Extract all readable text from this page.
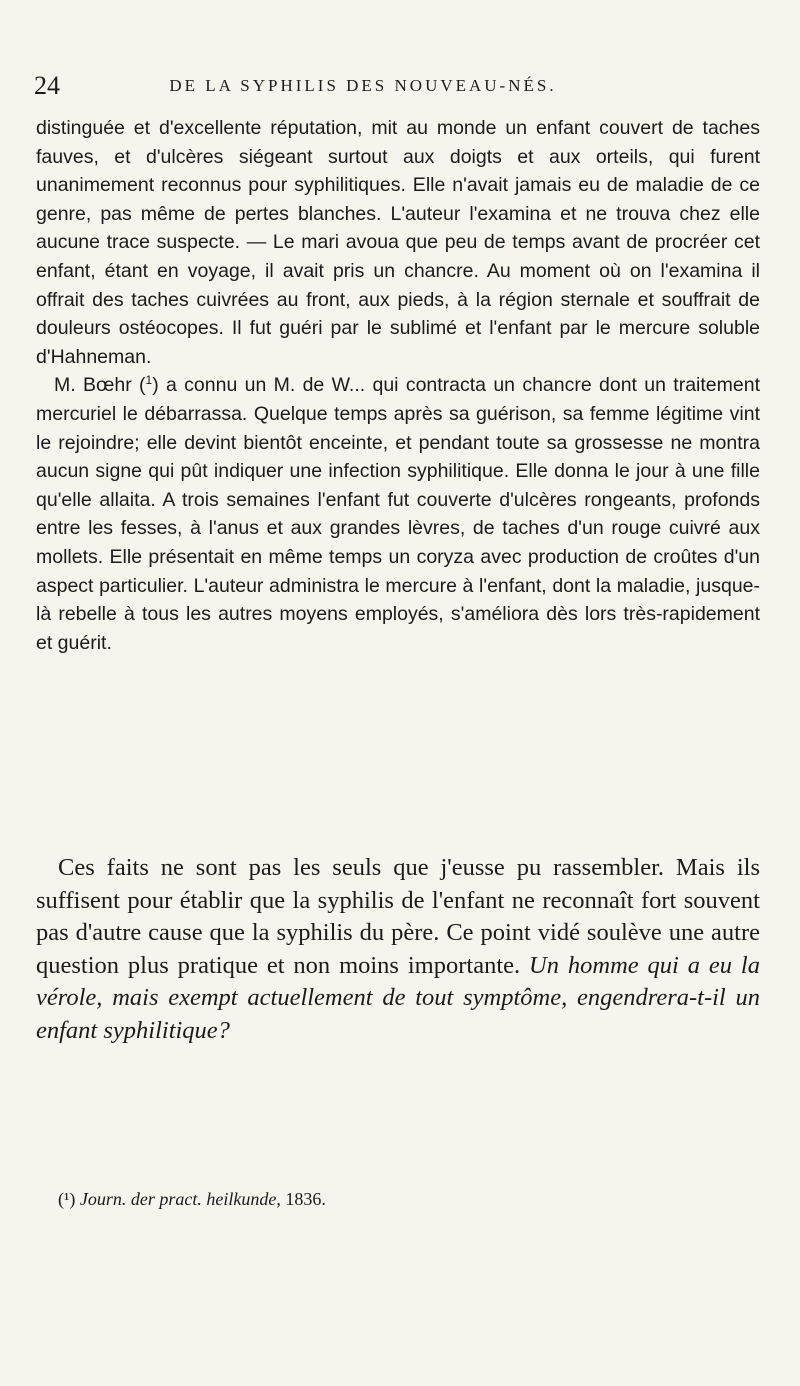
24	DE LA SYPHILIS DES NOUVEAU-NÉS.

distinguée et d'excellente réputation, mit au monde un enfant couvert de taches fauves, et d'ulcères siégeant surtout aux doigts et aux orteils, qui furent unanimement reconnus pour syphilitiques. Elle n'avait jamais eu de maladie de ce genre, pas même de pertes blanches. L'auteur l'examina et ne trouva chez elle aucune trace suspecte. — Le mari avoua que peu de temps avant de procréer cet enfant, étant en voyage, il avait pris un chancre. Au moment où on l'examina il offrait des taches cuivrées au front, aux pieds, à la région sternale et souffrait de douleurs ostéocopes. Il fut guéri par le sublimé et l'enfant par le mercure soluble d'Hahneman.

M. Bœhr ($^1$) a connu un M. de W... qui contracta un chancre dont un traitement mercuriel le débarrassa. Quelque temps après sa guérison, sa femme légitime vint le rejoindre; elle devint bientôt enceinte, et pendant toute sa grossesse ne montra aucun signe qui pût indiquer une infection syphilitique. Elle donna le jour à une fille qu'elle allaita. A trois semaines l'enfant fut couverte d'ulcères rongeants, profonds entre les fesses, à l'anus et aux grandes lèvres, de taches d'un rouge cuivré aux mollets. Elle présentait en même temps un coryza avec production de croûtes d'un aspect particulier. L'auteur administra le mercure à l'enfant, dont la maladie, jusque-là rebelle à tous les autres moyens employés, s'améliora dès lors très-rapidement et guérit.

Ces faits ne sont pas les seuls que j'eusse pu rassembler. Mais ils suffisent pour établir que la syphilis de l'enfant ne reconnaît fort souvent pas d'autre cause que la syphilis du père. Ce point vidé soulève une autre question plus pratique et non moins importante. Un homme qui a eu la vérole, mais exempt actuellement de tout symptôme, engendrera-t-il un enfant syphilitique?

(¹) Journ. der pract. heilkunde, 1836.
